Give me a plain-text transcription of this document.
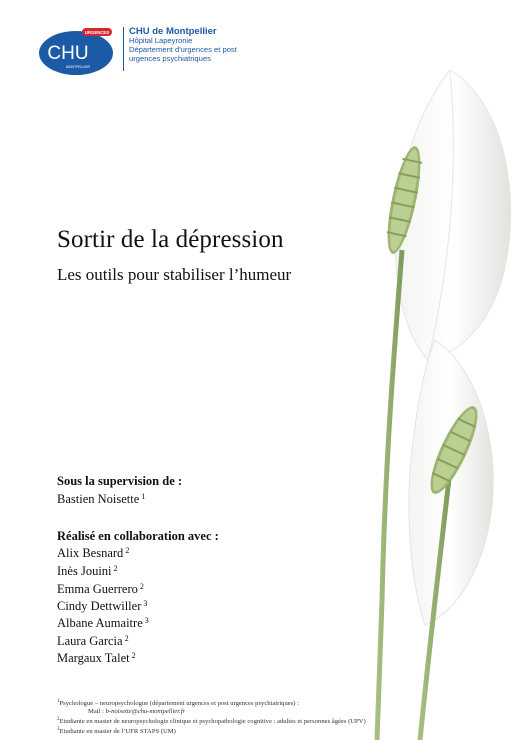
URGENCES
CHU
MONTPELLIER
CHU de Montpellier
Hôpital Lapeyronie
Département d'urgences et post
urgences psychiatriques
Sortir de la dépression
Les outils pour stabiliser l’humeur
Sous la supervision de :
Bastien Noisette $^1$
Réalisé en collaboration avec :
Alix Besnard $^2$
Inès Jouini $^2$
Emma Guerrero $^2$
Cindy Dettwiller $^3$
Albane Aumaitre $^3$
Laura Garcia $^2$
Margaux Talet $^2$
$^1$Psychologue – neuropsychologue (département urgences et post urgences psychiatriques) :
Mail : b-noisette@chu-montpellier.fr
$^2$Etudiante en master de neuropsychologie clinique et psychopathologie cognitive : adultes et personnes âgées (UPV)
$^3$Etudiante en master de l’UFR STAPS (UM)
